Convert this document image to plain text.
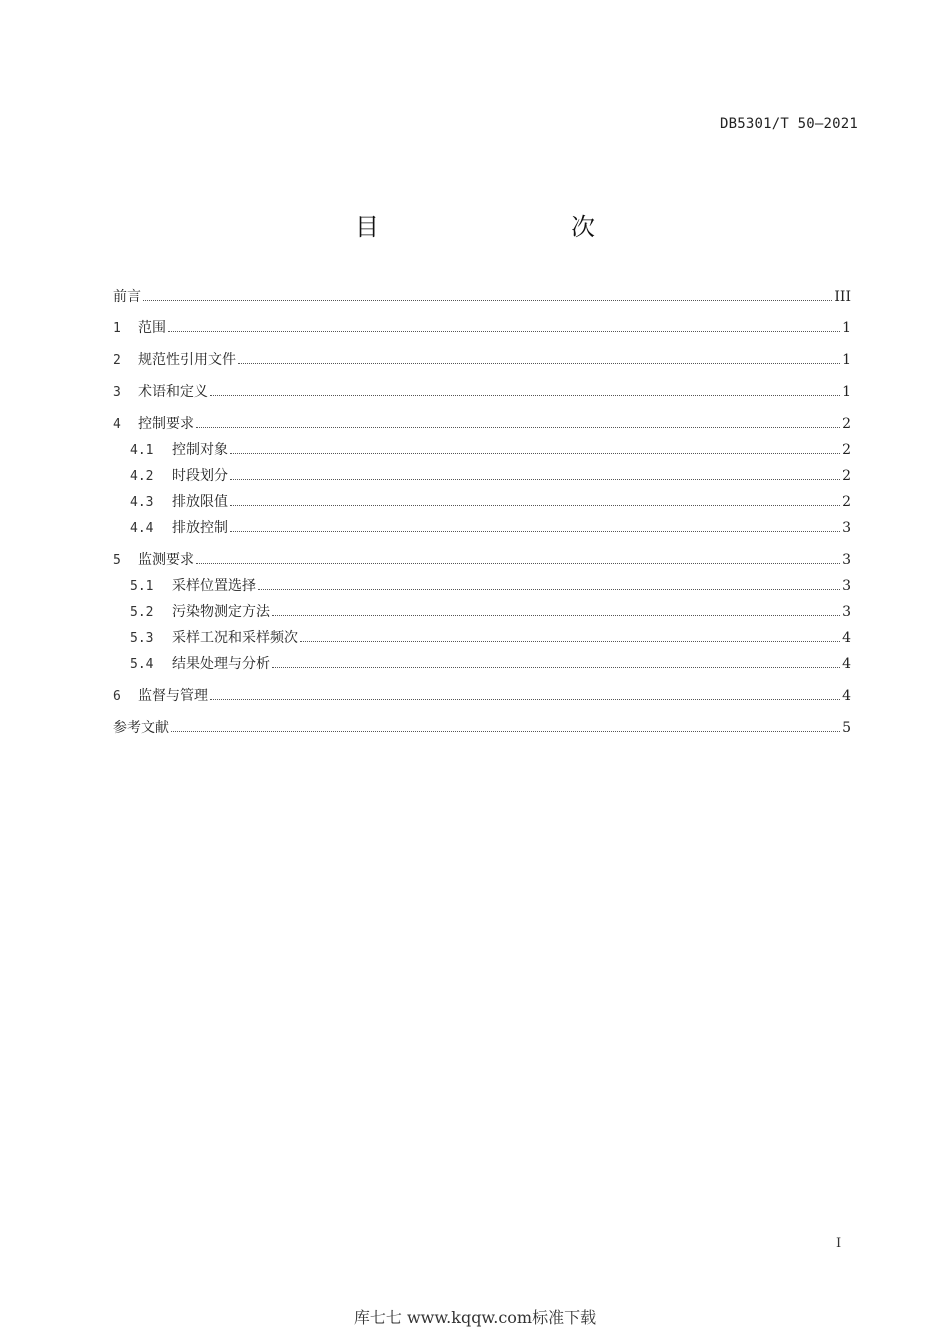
DB5301/T 50—2021
目　　次
前言	III
1	范围	1
2	规范性引用文件	1
3	术语和定义	1
4	控制要求	2
4.1	控制对象	2
4.2	时段划分	2
4.3	排放限值	2
4.4	排放控制	3
5	监测要求	3
5.1	采样位置选择	3
5.2	污染物测定方法	3
5.3	采样工况和采样频次	4
5.4	结果处理与分析	4
6	监督与管理	4
参考文献	5
I
库七七 www.kqqw.com标准下载
